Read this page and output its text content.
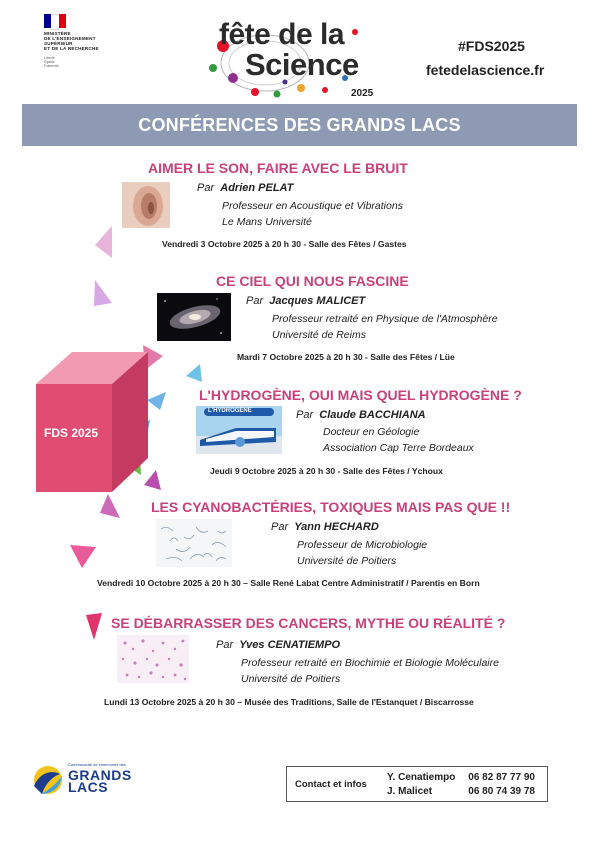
MINISTÈRE
DE L'ENSEIGNEMENT
SUPÉRIEUR
ET DE LA RECHERCHE
Liberté
Égalité
Fraternité
fête de la
Science
2025
#FDS2025
fetedelascience.fr
CONFÉRENCES DES GRANDS LACS
FDS 2025
AIMER LE SON, FAIRE AVEC LE BRUIT
Par Adrien PELAT
Professeur en Acoustique et Vibrations
Le Mans Université
Vendredi 3 Octobre 2025 à 20 h 30 - Salle des Fêtes / Gastes
CE CIEL QUI NOUS FASCINE
Par Jacques MALICET
Professeur retraité en Physique de l'Atmosphère
Université de Reims
Mardi 7 Octobre 2025 à 20 h 30 - Salle des Fêtes / Lüe
L'HYDROGÈNE, OUI MAIS QUEL HYDROGÈNE ?
L'HYDROGÈNE	Par Claude BACCHIANA
Docteur en Géologie
Association Cap Terre Bordeaux
Jeudi 9 Octobre 2025 à 20 h 30 - Salle des Fêtes / Ychoux
LES CYANOBACTÉRIES, TOXIQUES MAIS PAS QUE !!
Par Yann HECHARD
Professeur de Microbiologie
Université de Poitiers
Vendredi 10 Octobre 2025 à 20 h 30 – Salle René Labat Centre Administratif / Parentis en Born
SE DÉBARRASSER DES CANCERS, MYTHE OU RÉALITÉ ?
Par Yves CENATIEMPO
Professeur retraité en Biochimie et Biologie Moléculaire
Université de Poitiers
Lundi 13 Octobre 2025 à 20 h 30 – Musée des Traditions, Salle de l'Estanquet / Biscarrosse
Communauté de communes des
GRANDS
LACS	Contact et infos
Y. Cenatiempo 06 82 87 77 90
J. Malicet	06 80 74 39 78
